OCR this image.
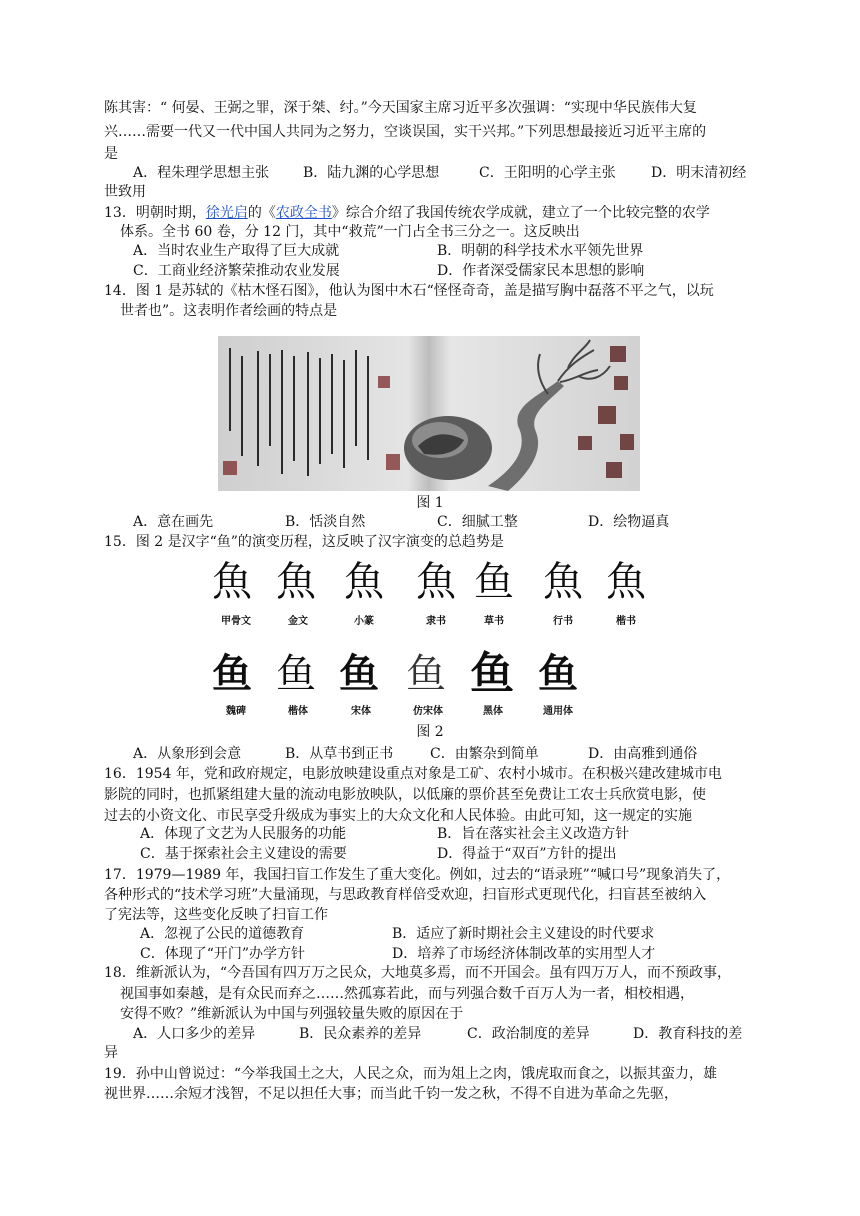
陈其害：“ 何晏、王弼之罪，深于桀、纣。”今天国家主席习近平多次强调：“实现中华民族伟大复
兴……需要一代又一代中国人共同为之努力，空谈误国，实干兴邦。”下列思想最接近习近平主席的
是
A．程朱理学思想主张 B．陆九渊的心学思想	C．王阳明的心学主张	D．明末清初经
世致用
13．明朝时期，徐光启的《农政全书》综合介绍了我国传统农学成就，建立了一个比较完整的农学
体系。全书 60 卷，分 12 门，其中“救荒”一门占全书三分之一。这反映出
A．当时农业生产取得了巨大成就	B．明朝的科学技术水平领先世界
C．工商业经济繁荣推动农业发展	D．作者深受儒家民本思想的影响
14．图 1 是苏轼的《枯木怪石图》，他认为图中木石“怪怪奇奇，盖是描写胸中磊落不平之气，以玩
世者也”。这表明作者绘画的特点是
图 1
A．意在画先	B．恬淡自然	C．细腻工整	D．绘物逼真
15．图 2 是汉字“鱼”的演变历程，这反映了汉字演变的总趋势是
魚 魚 魚 魚 鱼 魚 魚
甲骨文	金文	小篆	隶书	草书	行书	楷书
鱼 鱼 鱼 鱼 鱼 鱼
魏碑	楷体	宋体	仿宋体	黑体	通用体
图 2
A．从象形到会意	B．从草书到正书	C．由繁杂到简单	D．由高雅到通俗
16．1954 年，党和政府规定，电影放映建设重点对象是工矿、农村小城市。在积极兴建改建城市电
影院的同时，也抓紧组建大量的流动电影放映队，以低廉的票价甚至免费让工农士兵欣赏电影，使
过去的小资文化、市民享受升级成为事实上的大众文化和人民体验。由此可知，这一规定的实施
A．体现了文艺为人民服务的功能	B．旨在落实社会主义改造方针
C．基于探索社会主义建设的需要	D．得益于“双百”方针的提出
17．1979—1989 年，我国扫盲工作发生了重大变化。例如，过去的“语录班”“喊口号”现象消失了，
各种形式的“技术学习班”大量涌现，与思政教育样倍受欢迎，扫盲形式更现代化，扫盲甚至被纳入
了宪法等，这些变化反映了扫盲工作
A．忽视了公民的道德教育	B．适应了新时期社会主义建设的时代要求
C．体现了“开门”办学方针	D．培养了市场经济体制改革的实用型人才
18．维新派认为，“今吾国有四万万之民众，大地莫多焉，而不开国会。虽有四万万人，而不预政事，
视国事如秦越，是有众民而弃之……然孤寡若此，而与列强合数千百万人为一者，相校相遇，
安得不败？”维新派认为中国与列强较量失败的原因在于
A．人口多少的差异	B．民众素养的差异	C．政治制度的差异	D．教育科技的差
异
19．孙中山曾说过：“今举我国土之大，人民之众，而为俎上之肉，饿虎取而食之，以振其蛮力，雄
视世界……余短才浅智，不足以担任大事；而当此千钧一发之秋，不得不自进为革命之先驱，
